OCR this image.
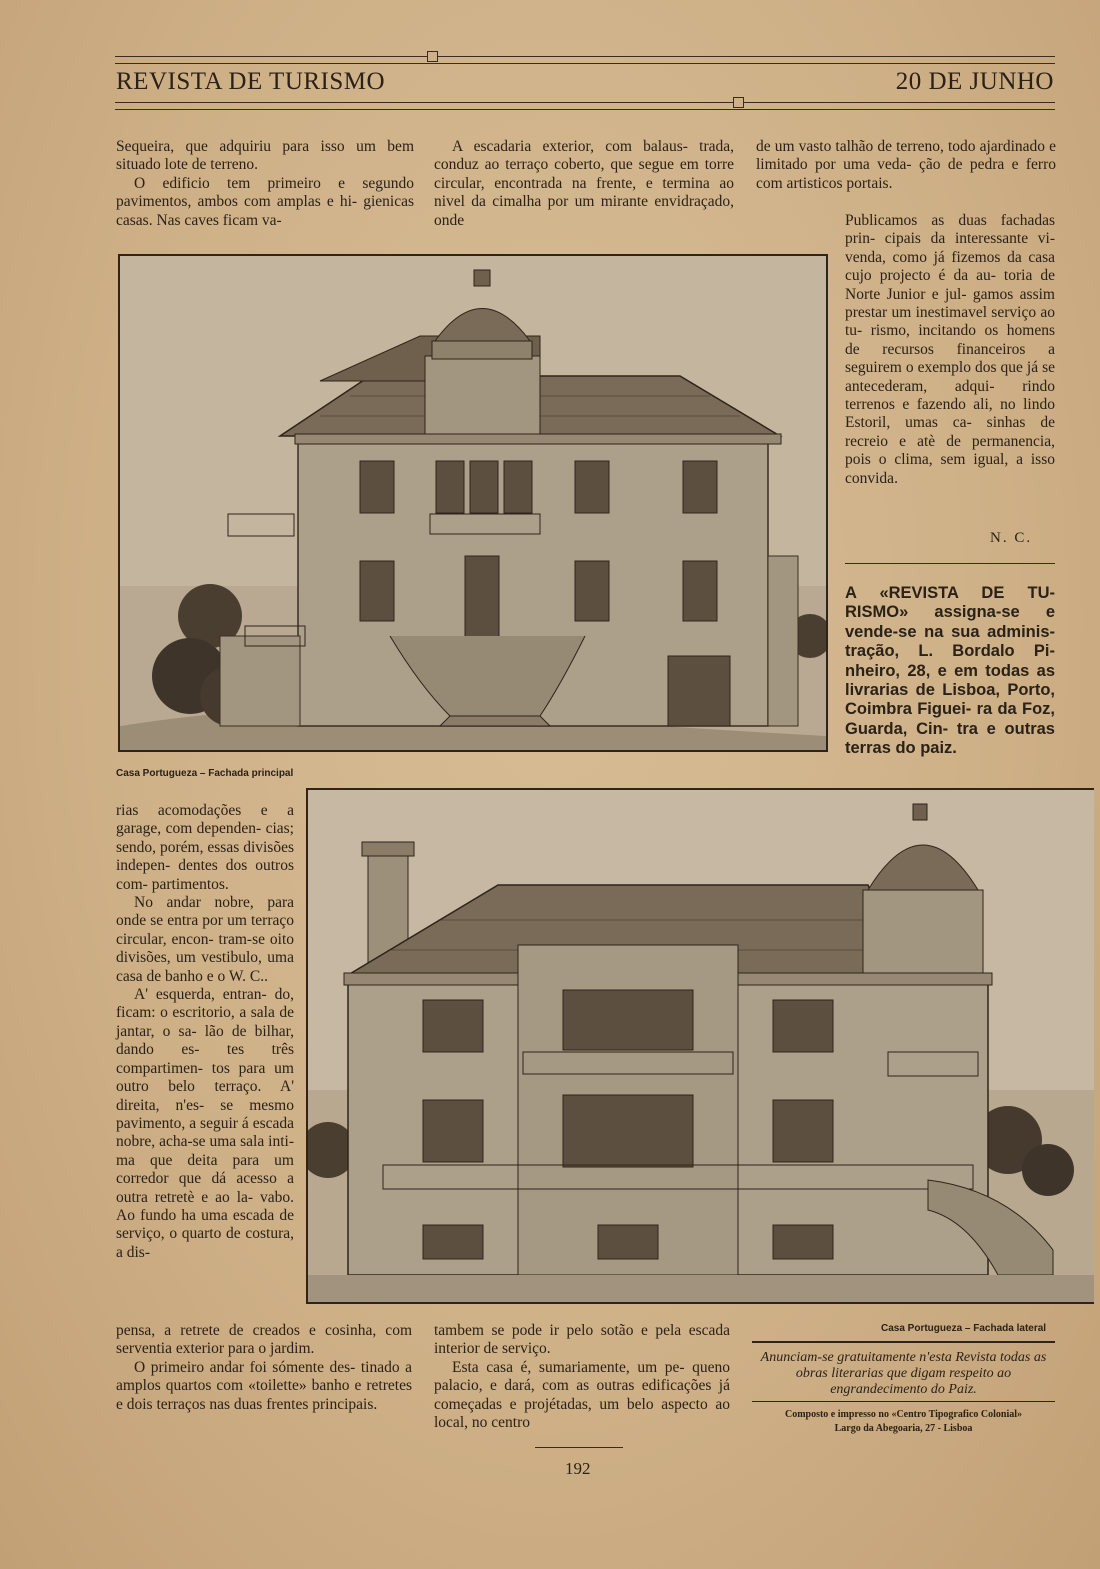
REVISTA DE TURISMO	20 DE JUNHO

Sequeira, que adquiriu para isso um bem situado lote de terreno.

O edificio tem primeiro e segundo pavimentos, ambos com amplas e hi- gienicas casas. Nas caves ficam va-

A escadaria exterior, com balaus- trada, conduz ao terraço coberto, que segue em torre circular, encontrada na frente, e termina ao nivel da cimalha por um mirante envidraçado, onde

de um vasto talhão de terreno, todo ajardinado e limitado por uma veda- ção de pedra e ferro com artisticos portais.

Publicamos as duas fachadas prin- cipais da interessante vi- venda, como já fizemos da casa cujo projecto é da au- toria de Norte Junior e jul- gamos assim prestar um inestimavel serviço ao tu- rismo, incitando os homens de recursos financeiros a seguirem o exemplo dos que já se antecederam, adqui- rindo terrenos e fazendo ali, no lindo Estoril, umas ca- sinhas de recreio e atè de permanencia, pois o clima, sem igual, a isso convida.

N. C.
A «REVISTA DE TU- RISMO» assigna-se e vende-se na sua adminis- tração, L. Bordalo Pi- nheiro, 28, e em todas as livrarias de Lisboa, Porto, Coimbra Figuei- ra da Foz, Guarda, Cin- tra e outras terras do paiz.
Casa Portugueza – Fachada principal

rias acomodações e a garage, com dependen- cias; sendo, porém, essas divisões indepen- dentes dos outros com- partimentos.

No andar nobre, para onde se entra por um terraço circular, encon- tram-se oito divisões, um vestibulo, uma casa de banho e o W. C..

A' esquerda, entran- do, ficam: o escritorio, a sala de jantar, o sa- lão de bilhar, dando es- tes três compartimen- tos para um outro belo terraço. A' direita, n'es- se mesmo pavimento, a seguir á escada nobre, acha-se uma sala inti- ma que deita para um corredor que dá acesso a outra retretè e ao la- vabo. Ao fundo ha uma escada de serviço, o quarto de costura, a dis-

Casa Portugueza – Fachada lateral

pensa, a retrete de creados e cosinha, com serventia exterior para o jardim.

O primeiro andar foi sómente des- tinado a amplos quartos com «toilette» banho e retretes e dois terraços nas duas frentes principais.

tambem se pode ir pelo sotão e pela escada interior de serviço.

Esta casa é, sumariamente, um pe- queno palacio, e dará, com as outras edificações já começadas e projétadas, um belo aspecto ao local, no centro

Anunciam-se gratuitamente n'esta Revista todas as obras literarias que digam respeito ao engrandecimento do Paiz.
Composto e impresso no «Centro Tipografico Colonial»
Largo da Abegoaria, 27 - Lisboa
192
